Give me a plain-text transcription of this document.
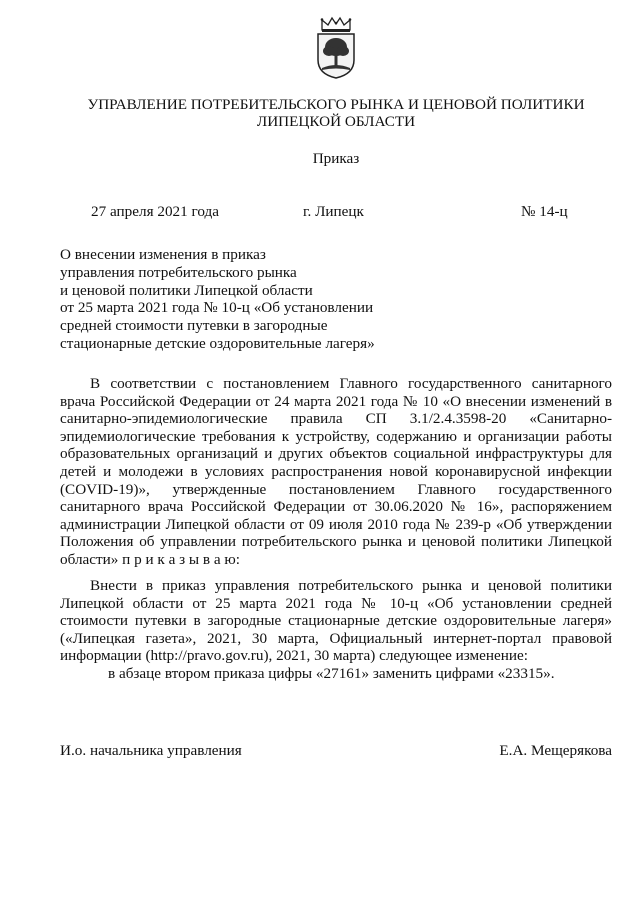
УПРАВЛЕНИЕ ПОТРЕБИТЕЛЬСКОГО РЫНКА И ЦЕНОВОЙ ПОЛИТИКИ
ЛИПЕЦКОЙ ОБЛАСТИ
Приказ
27 апреля 2021 года	г. Липецк	№ 14-ц
О внесении изменения в приказ
управления потребительского рынка
и ценовой политики Липецкой области
от 25 марта 2021 года № 10-ц «Об установлении
средней стоимости путевки в загородные
стационарные детские оздоровительные лагеря»
В соответствии с постановлением Главного государственного санитарного
врача Российской Федерации от 24 марта 2021 года № 10 «О внесении изменений в
санитарно-эпидемиологические правила СП 3.1/2.4.3598-20 «Санитарно-
эпидемиологические требования к устройству, содержанию и организации работы
образовательных организаций и других объектов социальной инфраструктуры для
детей и молодежи в условиях распространения новой коронавирусной инфекции
(COVID-19)», утвержденные постановлением Главного государственного
санитарного врача Российской Федерации от 30.06.2020 № 16», распоряжением
администрации Липецкой области от 09 июля 2010 года № 239-р «Об утверждении
Положения об управлении потребительского рынка и ценовой политики Липецкой
области» п р и к а з ы в а ю:
Внести в приказ управления потребительского рынка и ценовой политики
Липецкой области от 25 марта 2021 года № 10-ц «Об установлении средней
стоимости путевки в загородные стационарные детские оздоровительные лагеря»
(«Липецкая газета», 2021, 30 марта, Официальный интернет-портал правовой
информации (http://pravo.gov.ru), 2021, 30 марта) следующее изменение:
в абзаце втором приказа цифры «27161» заменить цифрами «23315».
И.о. начальника управления	Е.А. Мещерякова
